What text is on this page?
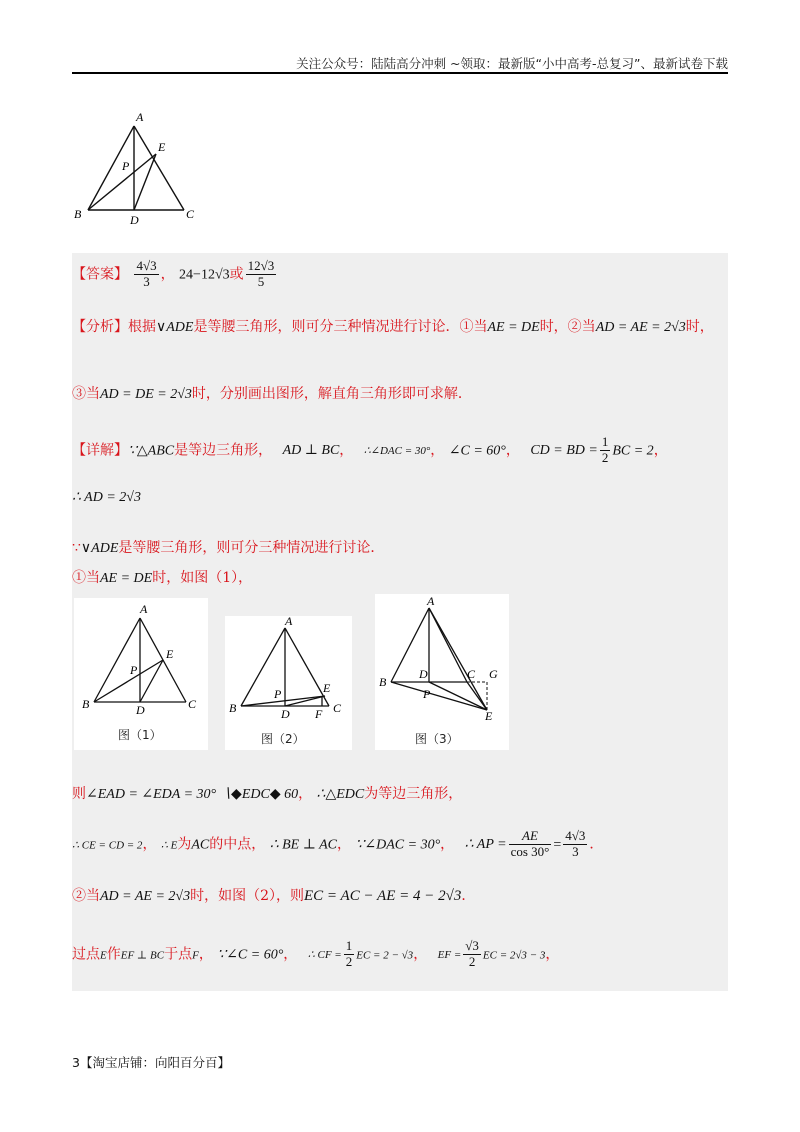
关注公众号：陆陆高分冲刺 ~领取：最新版“小中高考-总复习”、最新试卷下载
A
E
P
B	D	C
【答案】 $\frac{4√3}{3}$ ， 24−12√3或 $\frac{12√3}{5}$
【分析】根据∨ADE是等腰三角形，则可分三种情况进行讨论．①当AE = DE时，②当AD = AE = 2√3时，
③当AD = DE = 2√3时，分别画出图形，解直角三角形即可求解．
【详解】∵△ABC是等边三角形， AD ⊥ BC， ∴∠DAC = 30°， ∠C = 60°， CD = BD = $\frac{1}{2}$ BC = 2，
∴ AD = 2√3
∵∨ADE是等腰三角形，则可分三种情况进行讨论．
①当AE = DE时，如图（1），
A
E
P
B	D	C
图（1）
A
E
P
B	D F C
图（2）
A
D	C G
B
P
E
图（3）
则∠EAD = ∠EDA = 30° ∖◆EDC◆ 60， ∴△EDC为等边三角形，
∴ CE = CD = 2， ∴ E为AC的中点， ∴ BE ⊥ AC， ∵∠DAC = 30°， ∴ AP = $\frac{AE}{\cos 30^\circ} = \frac{4√3}{3}$ ．
②当AD = AE = 2√3时，如图（2），则EC = AC − AE = 4 − 2√3．
过点E作EF ⊥ BC于点F， ∵∠C = 60°， ∴ CF = $\frac{1}{2}$ EC = 2 − √3， EF = $\frac{√3}{2}$ EC = 2√3 − 3，
3【淘宝店铺：向阳百分百】
